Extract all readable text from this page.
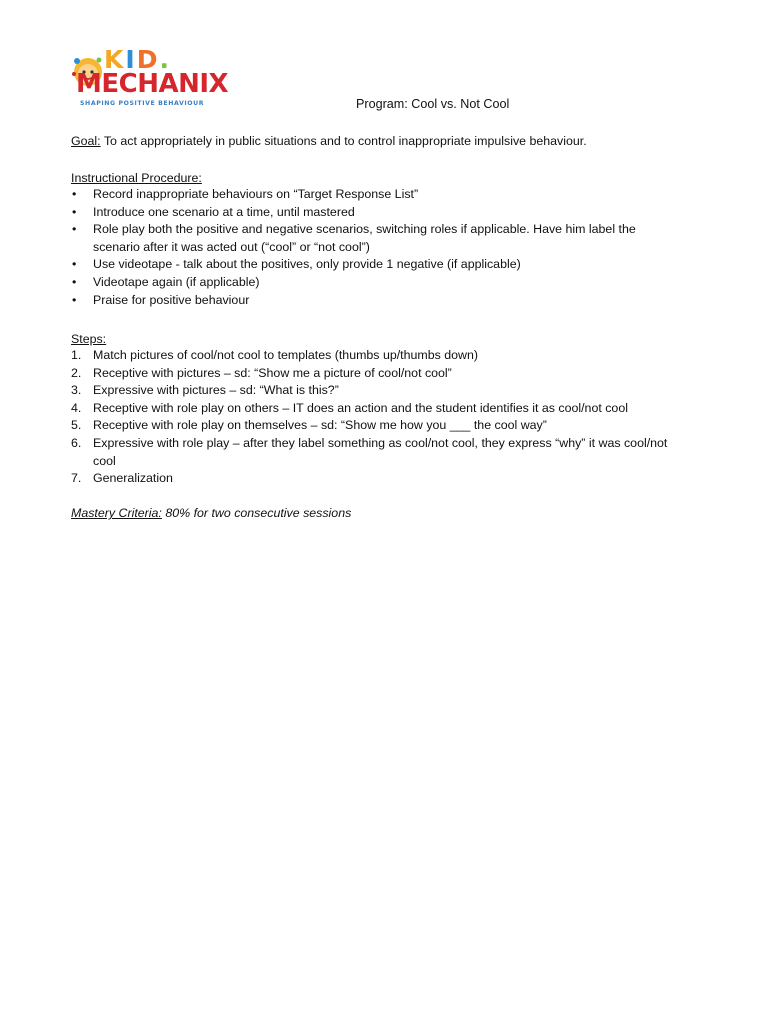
KID.
MECHANIX
SHAPING POSITIVE BEHAVIOUR	Program: Cool vs. Not Cool
Goal: To act appropriately in public situations and to control inappropriate impulsive behaviour.
Instructional Procedure:
• Record inappropriate behaviours on “Target Response List”
• Introduce one scenario at a time, until mastered
• Role play both the positive and negative scenarios, switching roles if applicable. Have him label the
scenario after it was acted out (“cool” or “not cool”)
• Use videotape - talk about the positives, only provide 1 negative (if applicable)
• Videotape again (if applicable)
• Praise for positive behaviour
Steps:
1. Match pictures of cool/not cool to templates (thumbs up/thumbs down)
2. Receptive with pictures – sd: “Show me a picture of cool/not cool”
3. Expressive with pictures – sd: “What is this?”
4. Receptive with role play on others – IT does an action and the student identifies it as cool/not cool
5. Receptive with role play on themselves – sd: “Show me how you ___ the cool way”
6. Expressive with role play – after they label something as cool/not cool, they express “why” it was cool/not
cool
7. Generalization
Mastery Criteria: 80% for two consecutive sessions
